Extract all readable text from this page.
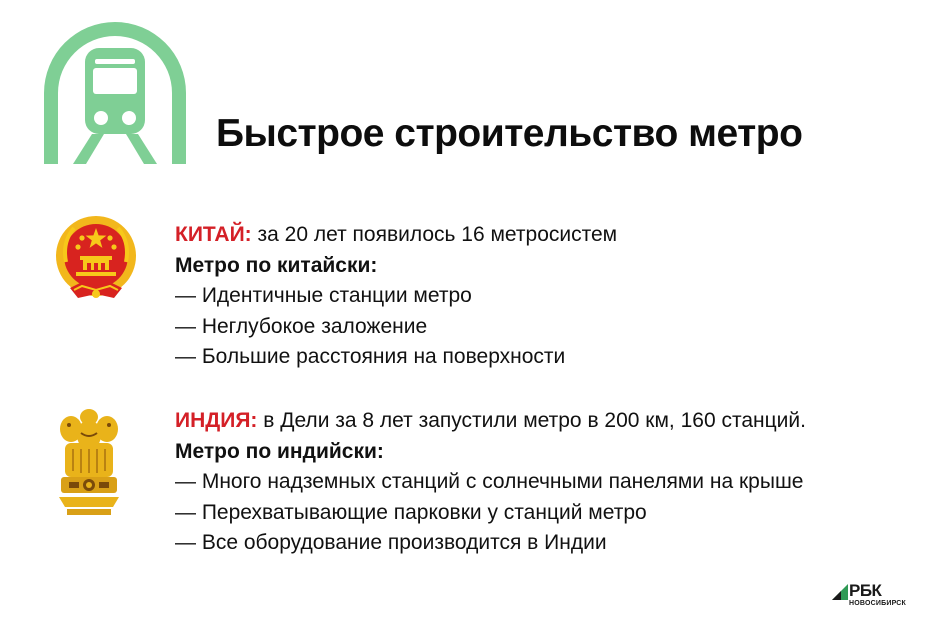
Быстрое строительство метро
КИТАЙ: за 20 лет появилось 16 метросистем
Метро по китайски:
— Идентичные станции метро
— Неглубокое заложение
— Большие расстояния на поверхности
ИНДИЯ: в Дели за 8 лет запустили метро в 200 км, 160 станций.
Метро по индийски:
— Много надземных станций с солнечными панелями на крыше
— Перехватывающие парковки у станций метро
— Все оборудование производится в Индии
РБК
НОВОСИБИРСК
